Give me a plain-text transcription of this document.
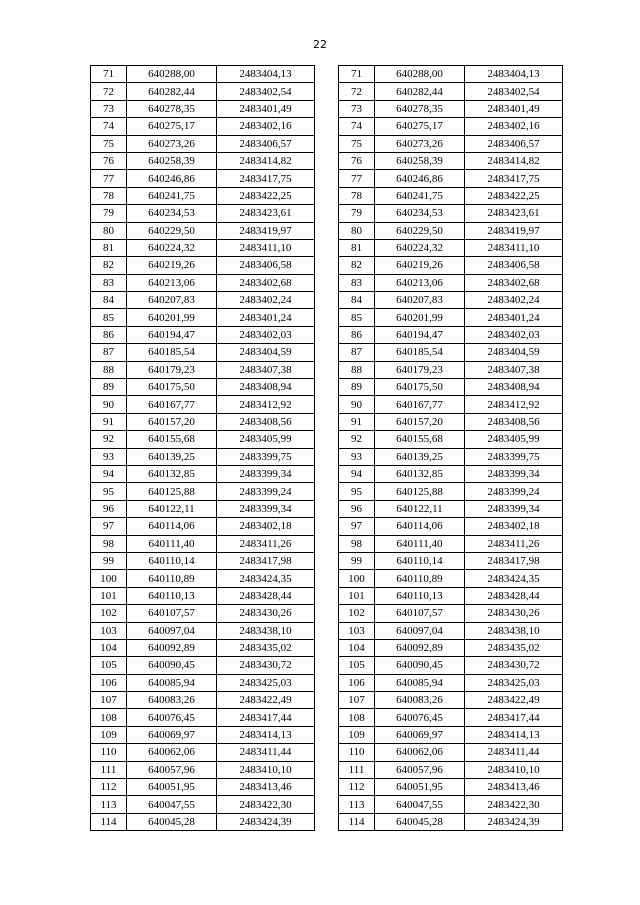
22
71	640288,00	2483404,13		71	640288,00	2483404,13
72	640282,44	2483402,54		72	640282,44	2483402,54
73	640278,35	2483401,49		73	640278,35	2483401,49
74	640275,17	2483402,16		74	640275,17	2483402,16
75	640273,26	2483406,57		75	640273,26	2483406,57
76	640258,39	2483414,82		76	640258,39	2483414,82
77	640246,86	2483417,75		77	640246,86	2483417,75
78	640241,75	2483422,25		78	640241,75	2483422,25
79	640234,53	2483423,61		79	640234,53	2483423,61
80	640229,50	2483419,97		80	640229,50	2483419,97
81	640224,32	2483411,10		81	640224,32	2483411,10
82	640219,26	2483406,58		82	640219,26	2483406,58
83	640213,06	2483402,68		83	640213,06	2483402,68
84	640207,83	2483402,24		84	640207,83	2483402,24
85	640201,99	2483401,24		85	640201,99	2483401,24
86	640194,47	2483402,03		86	640194,47	2483402,03
87	640185,54	2483404,59		87	640185,54	2483404,59
88	640179,23	2483407,38		88	640179,23	2483407,38
89	640175,50	2483408,94		89	640175,50	2483408,94
90	640167,77	2483412,92		90	640167,77	2483412,92
91	640157,20	2483408,56		91	640157,20	2483408,56
92	640155,68	2483405,99		92	640155,68	2483405,99
93	640139,25	2483399,75		93	640139,25	2483399,75
94	640132,85	2483399,34		94	640132,85	2483399,34
95	640125,88	2483399,24		95	640125,88	2483399,24
96	640122,11	2483399,34		96	640122,11	2483399,34
97	640114,06	2483402,18		97	640114,06	2483402,18
98	640111,40	2483411,26		98	640111,40	2483411,26
99	640110,14	2483417,98		99	640110,14	2483417,98
100	640110,89	2483424,35		100	640110,89	2483424,35
101	640110,13	2483428,44		101	640110,13	2483428,44
102	640107,57	2483430,26		102	640107,57	2483430,26
103	640097,04	2483438,10		103	640097,04	2483438,10
104	640092,89	2483435,02		104	640092,89	2483435,02
105	640090,45	2483430,72		105	640090,45	2483430,72
106	640085,94	2483425,03		106	640085,94	2483425,03
107	640083,26	2483422,49		107	640083,26	2483422,49
108	640076,45	2483417,44		108	640076,45	2483417,44
109	640069,97	2483414,13		109	640069,97	2483414,13
110	640062,06	2483411,44		110	640062,06	2483411,44
111	640057,96	2483410,10		111	640057,96	2483410,10
112	640051,95	2483413,46		112	640051,95	2483413,46
113	640047,55	2483422,30		113	640047,55	2483422,30
114	640045,28	2483424,39		114	640045,28	2483424,39
